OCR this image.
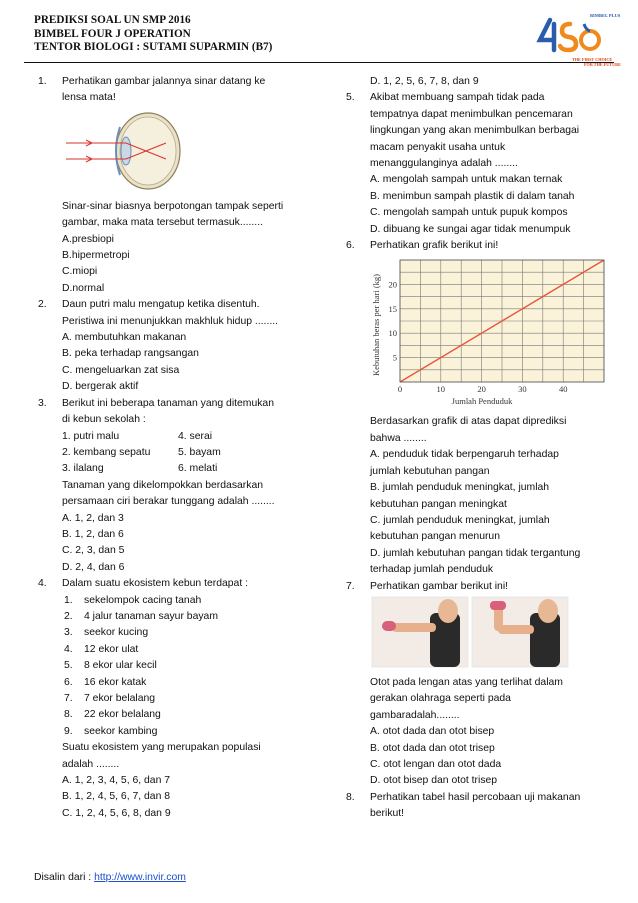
PREDIKSI SOAL UN SMP 2016
BIMBEL FOUR J OPERATION
TENTOR BIOLOGI : SUTAMI SUPARMIN (B7)
BIMBEL PLUS
THE FIRST CHOICE
FOR THE FUTURE
1.	Perhatikan gambar jalannya sinar datang ke
lensa mata!
Sinar-sinar biasnya berpotongan tampak seperti
gambar, maka mata tersebut termasuk........
A.presbiopi
B.hipermetropi
C.miopi
D.normal
2.	Daun putri malu mengatup ketika disentuh.
Peristiwa ini menunjukkan makhluk hidup ........
A. membutuhkan makanan
B. peka terhadap rangsangan
C. mengeluarkan zat sisa
D. bergerak aktif
3.	Berikut ini beberapa tanaman yang ditemukan
di kebun sekolah :
1. putri malu	4. serai
2. kembang sepatu	5. bayam
3. ilalang	6. melati
Tanaman yang dikelompokkan berdasarkan
persamaan ciri berakar tunggang adalah ........
A. 1, 2, dan 3
B. 1, 2, dan 6
C. 2, 3, dan 5
D. 2, 4, dan 6
4.	Dalam suatu ekosistem kebun terdapat :
1.	sekelompok cacing tanah
2.	4 jalur tanaman sayur bayam
3.	seekor kucing
4.	12 ekor ulat
5.	8 ekor ular kecil
6.	16 ekor katak
7.	7 ekor belalang
8.	22 ekor belalang
9.	seekor kambing
Suatu ekosistem yang merupakan populasi
adalah ........
A. 1, 2, 3, 4, 5, 6, dan 7
B. 1, 2, 4, 5, 6, 7, dan 8
C. 1, 2, 4, 5, 6, 8, dan 9
D. 1, 2, 5, 6, 7, 8, dan 9
5.	Akibat membuang sampah tidak pada
tempatnya dapat menimbulkan pencemaran
lingkungan yang akan menimbulkan berbagai
macam penyakit usaha untuk
menanggulanginya adalah ........
A. mengolah sampah untuk makan ternak
B. menimbun sampah plastik di dalam tanah
C. mengolah sampah untuk pupuk kompos
D. dibuang ke sungai agar tidak menumpuk
6.	Perhatikan grafik berikut ini!
0	10	20	30	40
5
10
15
20
Jumlah Penduduk
Kebutuhan beras per hari (kg)
Berdasarkan grafik di atas dapat diprediksi
bahwa ........
A. penduduk tidak berpengaruh terhadap
jumlah kebutuhan pangan
B. jumlah penduduk meningkat, jumlah
kebutuhan pangan meningkat
C. jumlah penduduk meningkat, jumlah
kebutuhan pangan menurun
D. jumlah kebutuhan pangan tidak tergantung
terhadap jumlah penduduk
7.	Perhatikan gambar berikut ini!
Otot pada lengan atas yang terlihat dalam
gerakan olahraga seperti pada
gambaradalah........
A. otot dada dan otot bisep
B. otot dada dan otot trisep
C. otot lengan dan otot dada
D. otot bisep dan otot trisep
8.	Perhatikan tabel hasil percobaan uji makanan
berikut!
Disalin dari : http://www.invir.com
